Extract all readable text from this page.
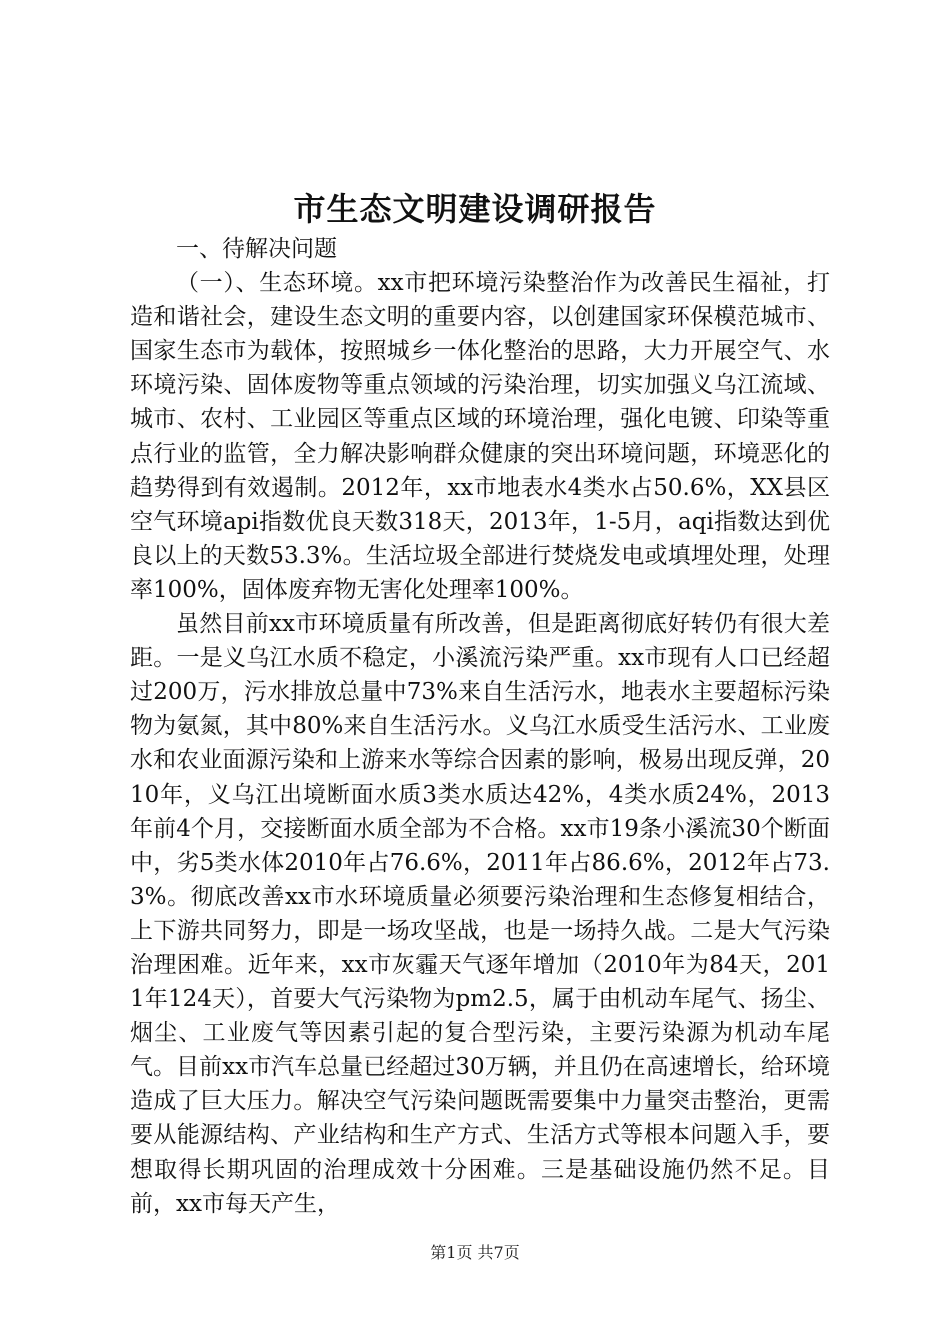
市生态文明建设调研报告

一、待解决问题

（一）、生态环境。xx市把环境污染整治作为改善民生福祉，打造和谐社会，建设生态文明的重要内容，以创建国家环保模范城市、国家生态市为载体，按照城乡一体化整治的思路，大力开展空气、水环境污染、固体废物等重点领域的污染治理，切实加强义乌江流域、城市、农村、工业园区等重点区域的环境治理，强化电镀、印染等重点行业的监管，全力解决影响群众健康的突出环境问题，环境恶化的趋势得到有效遏制。2012年，xx市地表水4类水占50.6%，XX县区空气环境api指数优良天数318天，2013年，1-5月，aqi指数达到优良以上的天数53.3%。生活垃圾全部进行焚烧发电或填埋处理，处理率100%，固体废弃物无害化处理率100%。

虽然目前xx市环境质量有所改善，但是距离彻底好转仍有很大差距。一是义乌江水质不稳定，小溪流污染严重。xx市现有人口已经超过200万，污水排放总量中73%来自生活污水，地表水主要超标污染物为氨氮，其中80%来自生活污水。义乌江水质受生活污水、工业废水和农业面源污染和上游来水等综合因素的影响，极易出现反弹，2010年，义乌江出境断面水质3类水质达42%，4类水质24%，2013年前4个月，交接断面水质全部为不合格。xx市19条小溪流30个断面中，劣5类水体2010年占76.6%，2011年占86.6%，2012年占73.3%。彻底改善xx市水环境质量必须要污染治理和生态修复相结合，上下游共同努力，即是一场攻坚战，也是一场持久战。二是大气污染治理困难。近年来，xx市灰霾天气逐年增加（2010年为84天，2011年124天），首要大气污染物为pm2.5，属于由机动车尾气、扬尘、烟尘、工业废气等因素引起的复合型污染，主要污染源为机动车尾气。目前xx市汽车总量已经超过30万辆，并且仍在高速增长，给环境造成了巨大压力。解决空气污染问题既需要集中力量突击整治，更需要从能源结构、产业结构和生产方式、生活方式等根本问题入手，要想取得长期巩固的治理成效十分困难。三是基础设施仍然不足。目前，xx市每天产生，

第1页 共7页
